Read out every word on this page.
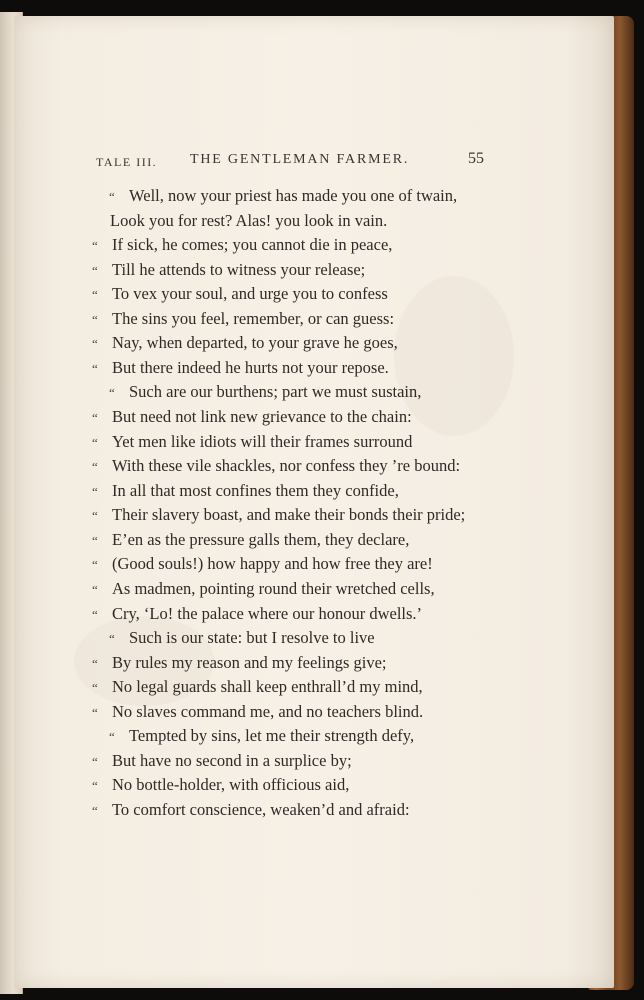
TALE III. THE GENTLEMAN FARMER.	55
“ Well, now your priest has made you one of twain,
Look you for rest? Alas! you look in vain.
“ If sick, he comes; you cannot die in peace,
“ Till he attends to witness your release;
“ To vex your soul, and urge you to confess
“ The sins you feel, remember, or can guess:
“ Nay, when departed, to your grave he goes,
“ But there indeed he hurts not your repose.
“ Such are our burthens; part we must sustain,
“ But need not link new grievance to the chain:
“ Yet men like idiots will their frames surround
“ With these vile shackles, nor confess they ’re bound:
“ In all that most confines them they confide,
“ Their slavery boast, and make their bonds their pride;
“ E’en as the pressure galls them, they declare,
“ (Good souls!) how happy and how free they are!
“ As madmen, pointing round their wretched cells,
“ Cry, ‘Lo! the palace where our honour dwells.’
“ Such is our state: but I resolve to live
“ By rules my reason and my feelings give;
“ No legal guards shall keep enthrall’d my mind,
“ No slaves command me, and no teachers blind.
“ Tempted by sins, let me their strength defy,
“ But have no second in a surplice by;
“ No bottle-holder, with officious aid,
“ To comfort conscience, weaken’d and afraid:
